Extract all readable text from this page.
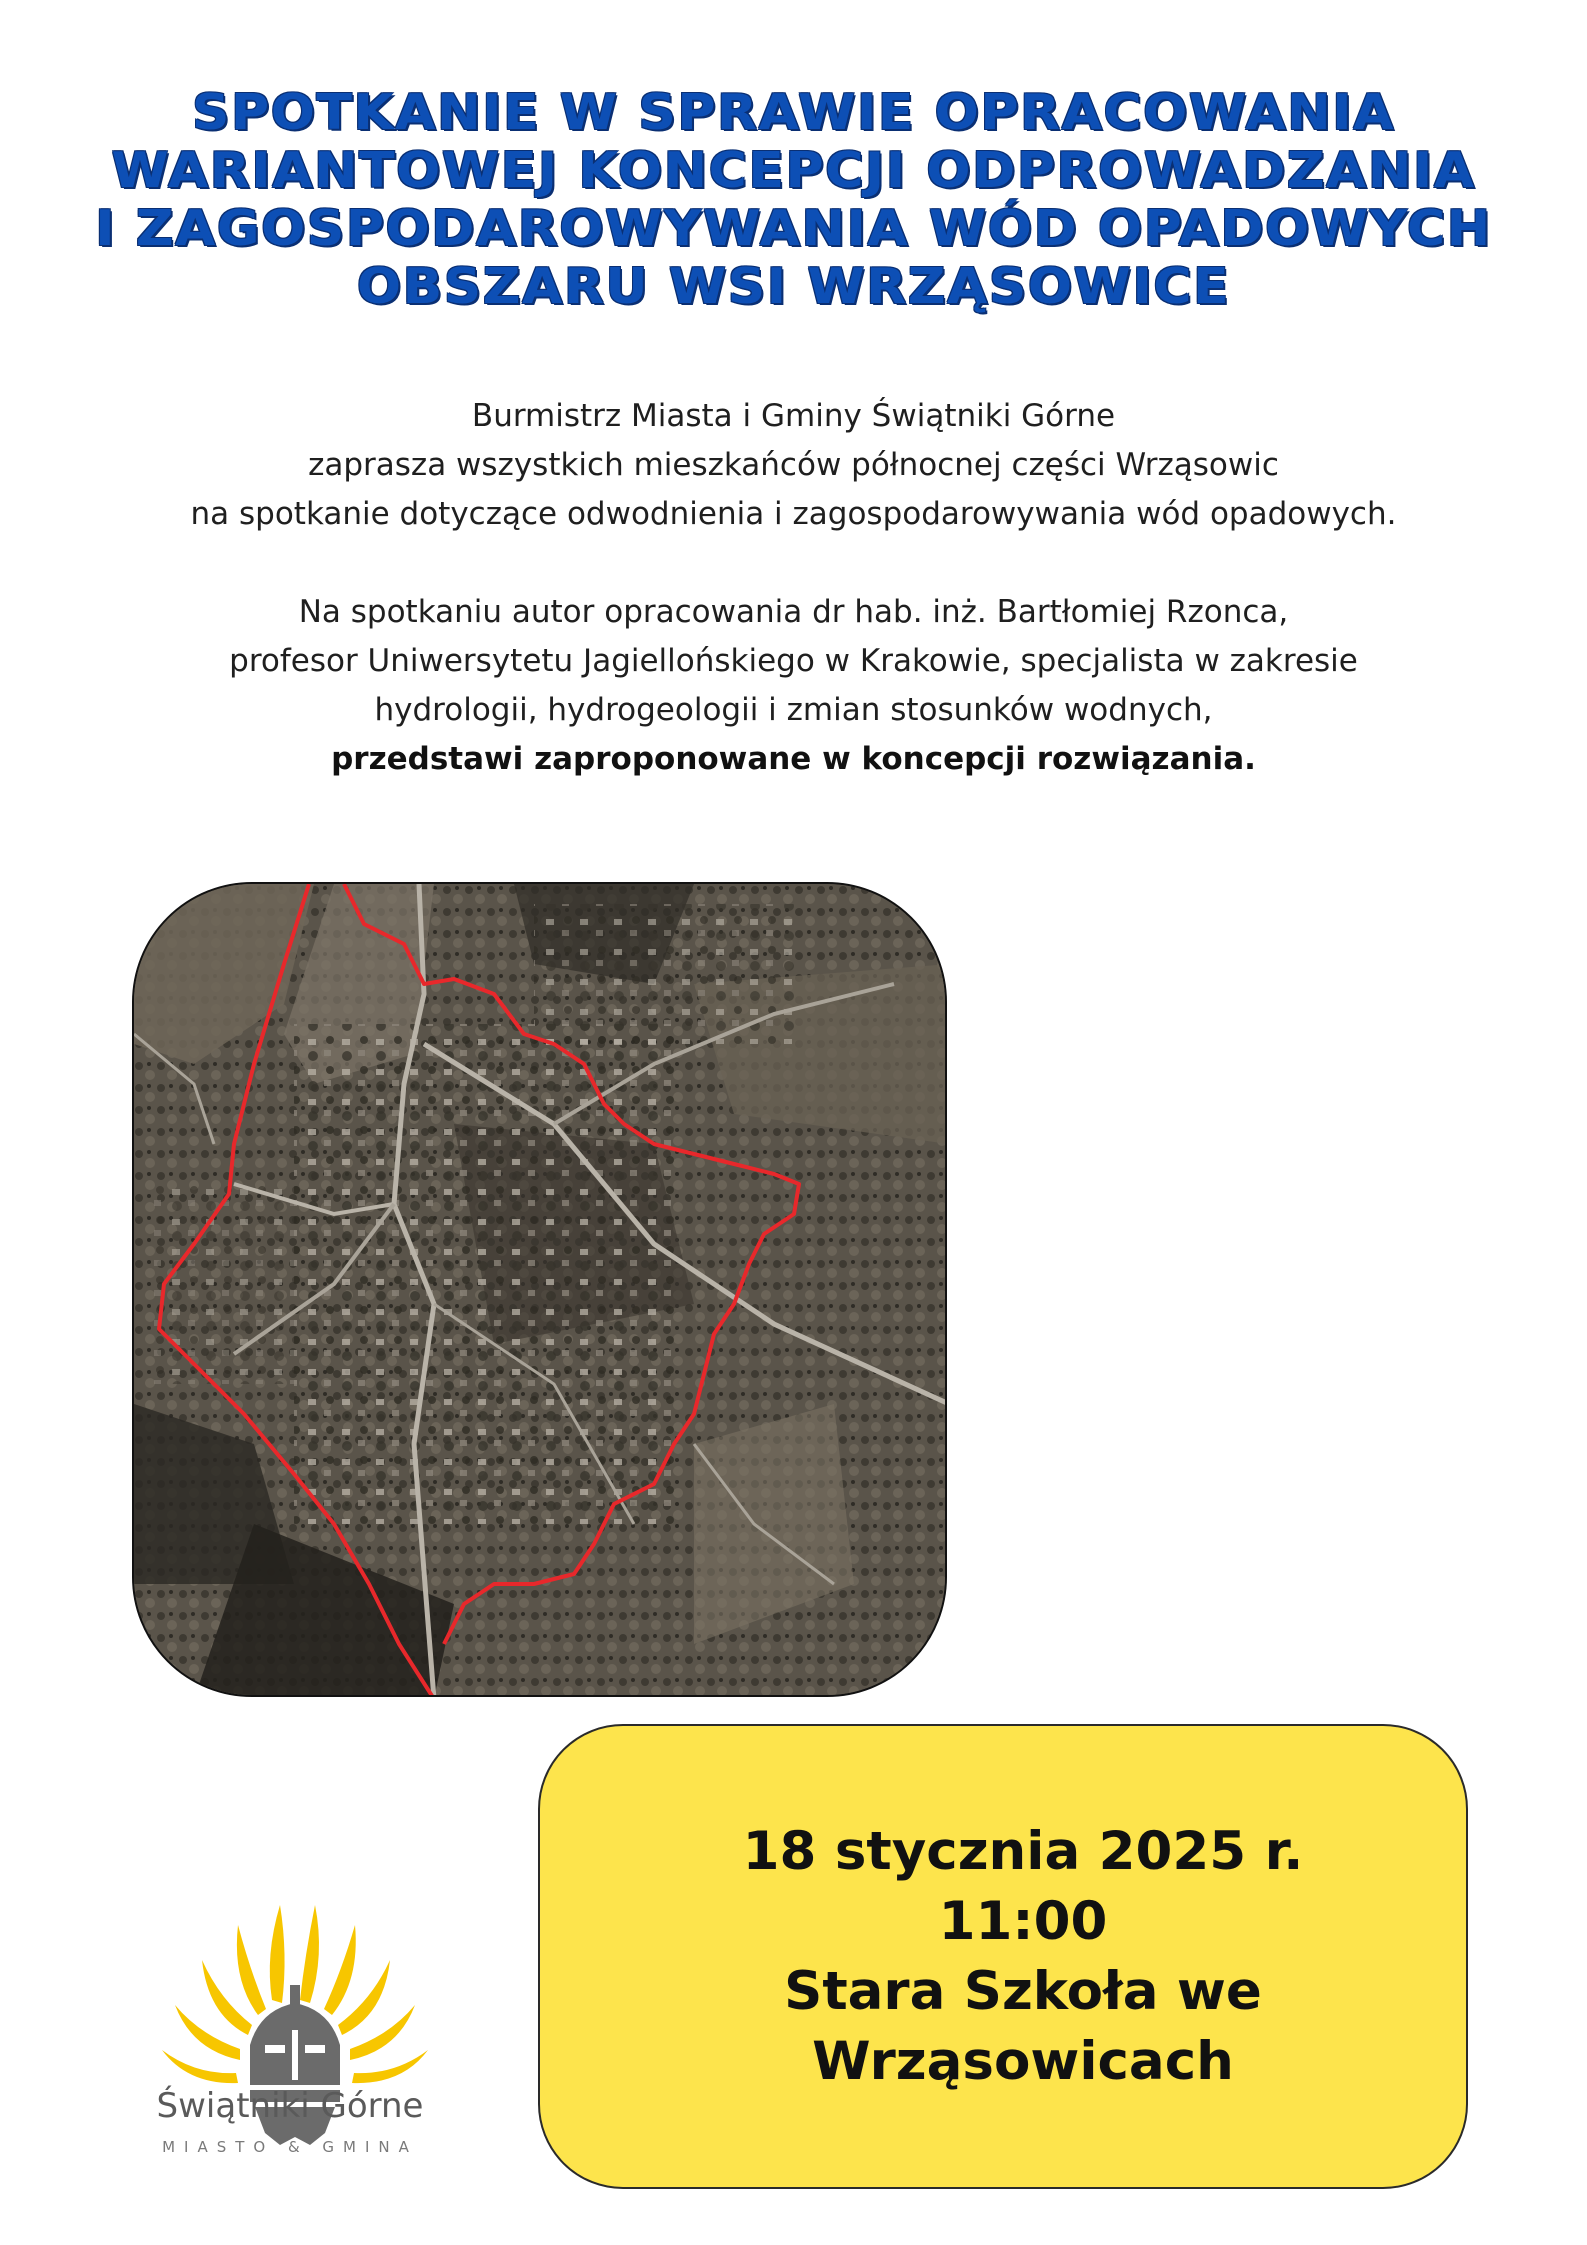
SPOTKANIE W SPRAWIE OPRACOWANIA
WARIANTOWEJ KONCEPCJI ODPROWADZANIA
I ZAGOSPODAROWYWANIA WÓD OPADOWYCH
OBSZARU WSI WRZĄSOWICE
Burmistrz Miasta i Gminy Świątniki Górne
zaprasza wszystkich mieszkańców północnej części Wrząsowic
na spotkanie dotyczące odwodnienia i zagospodarowywania wód opadowych.
Na spotkaniu autor opracowania dr hab. inż. Bartłomiej Rzonca,
profesor Uniwersytetu Jagiellońskiego w Krakowie, specjalista w zakresie
hydrologii, hydrogeologii i zmian stosunków wodnych,
przedstawi zaproponowane w koncepcji rozwiązania.
18 stycznia 2025 r.
11:00
Stara Szkoła we
Wrząsowicach
Świątniki Górne
MIASTO & GMINA
